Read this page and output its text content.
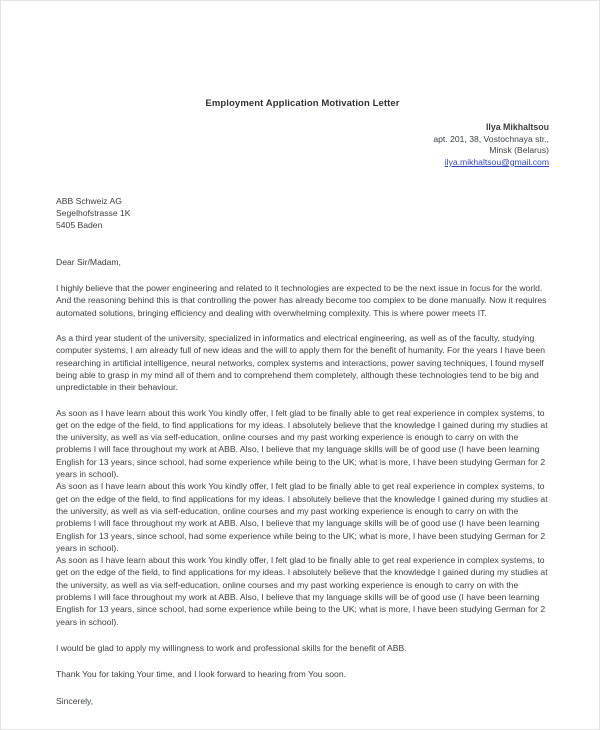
Employment Application Motivation Letter
Ilya Mikhaltsou
apt. 201, 38, Vostochnaya str.,
Minsk (Belarus)
ilya.mikhaltsou@gmail.com
ABB Schweiz AG
Segelhofstrasse 1K
5405 Baden

Dear Sir/Madam,

I highly believe that the power engineering and related to it technologies are expected to be the next issue in focus for the world. And the reasoning behind this is that controlling the power has already become too complex to be done manually. Now it requires automated solutions, bringing efficiency and dealing with overwhelming complexity. This is where power meets IT.

As a third year student of the university, specialized in informatics and electrical engineering, as well as of the faculty, studying computer systems, I am already full of new ideas and the will to apply them for the benefit of humanity. For the years I have been researching in artificial intelligence, neural networks, complex systems and interactions, power saving techniques, I found myself being able to grasp in my mind all of them and to comprehend them completely, although these technologies tend to be big and unpredictable in their behaviour.

As soon as I have learn about this work You kindly offer, I felt glad to be finally able to get real experience in complex systems, to get on the edge of the field, to find applications for my ideas. I absolutely believe that the knowledge I gained during my studies at the university, as well as via self-education, online courses and my past working experience is enough to carry on with the problems I will face throughout my work at ABB. Also, I believe that my language skills will be of good use (I have been learning English for 13 years, since school, had some experience while being to the UK; what is more, I have been studying German for 2 years in school).
As soon as I have learn about this work You kindly offer, I felt glad to be finally able to get real experience in complex systems, to get on the edge of the field, to find applications for my ideas. I absolutely believe that the knowledge I gained during my studies at the university, as well as via self-education, online courses and my past working experience is enough to carry on with the problems I will face throughout my work at ABB. Also, I believe that my language skills will be of good use (I have been learning English for 13 years, since school, had some experience while being to the UK; what is more, I have been studying German for 2 years in school).
As soon as I have learn about this work You kindly offer, I felt glad to be finally able to get real experience in complex systems, to get on the edge of the field, to find applications for my ideas. I absolutely believe that the knowledge I gained during my studies at the university, as well as via self-education, online courses and my past working experience is enough to carry on with the problems I will face throughout my work at ABB. Also, I believe that my language skills will be of good use (I have been learning English for 13 years, since school, had some experience while being to the UK; what is more, I have been studying German for 2 years in school).

I would be glad to apply my willingness to work and professional skills for the benefit of ABB.

Thank You for taking Your time, and I look forward to hearing from You soon.

Sincerely,
